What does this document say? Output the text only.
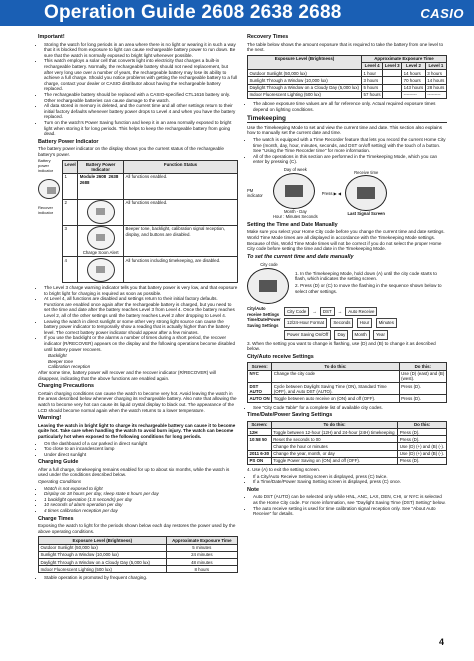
Operation Guide 2608 2638 2688	CASIO
Important!
• Storing the watch for long periods in an area where there is no light or wearing it in such a way that it is blocked from exposure to light can cause rechargeable battery power to run down. Be sure that the watch is normally exposed to bright light whenever possible.
• This watch employs a solar cell that converts light into electricity that charges a built-in rechargeable battery. Normally, the rechargeable battery should not need replacement, but after very long use over a number of years, the rechargeable battery may lose its ability to achieve a full charge. Should you notice problems with getting the rechargeable battery to a full charge, contact your dealer or CASIO distributor about having the rechargeable battery replaced.
• The rechargeable battery should be replaced with a CASIO-specified CTL1616 battery only. Other rechargeable batteries can cause damage to the watch.
• All data stored in memory is deleted, and the current time and all other settings return to their initial factory defaults whenever battery power drops to Level 4 and when you have the battery replaced.
• Turn on the watch's Power Saving function and keep it in an area normally exposed to bright light when storing it for long periods. This helps to keep the rechargeable battery from going dead.
Battery Power Indicator

The battery power indicator on the display shows you the current status of the rechargeable battery's power.

Battery power indicator
Recover indicator
Level	Battery Power Indicator	Function Status
1	Module 2608 2638  2688	All functions enabled.
2		All functions enabled.
3	Charge Soon Alert	Beeper tone, backlight, calibration signal reception, display, and buttons are disabled.
4		All functions including timekeeping, are disabled.
• The Level 3 charge warning indicator tells you that battery power is very low, and that exposure to bright light for charging is required as soon as possible.
• At Level 4, all functions are disabled and settings return to their initial factory defaults. Functions are enabled once again after the rechargeable battery is charged, but you need to set the time and date after the battery reaches Level 3 from Level 4. Once the battery reaches Level 2, all of the other settings until the battery reaches Level 2 after dropping to Level 4.
• Leaving the watch in direct sunlight or some other very strong light source can cause the battery power indicator to temporarily show a reading that is actually higher than the battery level. The correct battery power indicator should appear after a few minutes.
• If you use the backlight or the alarms a number of times during a short period, the recover indicator (R/RECOVER) appears on the display and the following operations become disabled until battery power recovers.
Backlight
Beeper tone
Calibration reception

After some time, battery power will recover and the recover indicator (R/RECOVER) will disappear, indicating that the above functions are enabled again.

Charging Precautions

Certain charging conditions can cause the watch to become very hot. Avoid leaving the watch in the areas described below whenever charging its rechargeable battery. Also note that allowing the watch to become very hot can cause its liquid crystal display to black out. The appearance of the LCD should become normal again when the watch returns to a lower temperature.

Warning!

Leaving the watch in bright light to charge its rechargeable battery can cause it to become quite hot. Take care when handling the watch to avoid burn injury. The watch can become particularly hot when exposed to the following conditions for long periods.

• On the dashboard of a car parked in direct sunlight
• Too close to an incandescent lamp
• Under direct sunlight
Charging Guide

After a full charge, timekeeping remains enabled for up to about six months, while the watch is used under the conditions described below.

Operating Conditions

• Watch is not exposed to light
• Display on 18 hours per day, sleep state 6 hours per day
• 1 backlight operation (1.5 seconds) per day
• 10 seconds of alarm operation per day
• 4 times calibration reception per day
Charge Times

Exposing the watch to light for the periods shown below each day restores the power used by the above operating conditions.

Exposure Level (Brightness)	Approximate Exposure Time
Outdoor Sunlight (50,000 lux)	5 minutes
Sunlight Through a Window (10,000 lux)	24 minutes
Daylight Through a Window on a Cloudy Day (5,000 lux)	48 minutes
Indoor Fluorescent Lighting (500 lux)	8 hours
• Stable operation is promoted by frequent charging.
Recovery Times

The table below shows the amount exposure that is required to take the battery from one level to the next.

Exposure Level (Brightness)	Approximate Exposure Time			
	Level 4	Level 3	Level 2	Level 1
Outdoor Sunlight (50,000 lux)	1 hour		14 hours	3 hours
Sunlight Through a Window (10,000 lux)	3 hours		70 hours	14 hours
Daylight Through a Window on a Cloudy Day (5,000 lux)	5 hours		143 hours	28 hours
Indoor Fluorescent Lighting (500 lux)	57 hours		---------	---------
• The above exposure time values are all for reference only. Actual required exposure times depend on lighting conditions.
Timekeeping

Use the Timekeeping Mode to set and view the current time and date. This section also explains how to manually set the current date and time.

• The watch is equipped with a Time Recorder feature that lets you record the current Home City time (month, day, hour, minutes, seconds, and DST on/off setting) with the touch of a button. See "Using the Time Recorder time" for more information.
• All of the operations in this section are performed in the Timekeeping Mode, which you can enter by pressing (C).
PM indicator
Day of week
Month - Day
Hour : Minutes Seconds
Press ▶ ◀
Receive time
Last Signal Screen
Setting the Time and Date Manually

Make sure you select your Home City code before you change the current time and date settings. World Time Mode times are all displayed in accordance with the Timekeeping Mode settings. Because of this, World Time Mode times will not be correct if you do not select the proper Home City code before setting the time and date in the Timekeeping Mode.

To set the current time and date manually
City code

1. In the Timekeeping Mode, hold down (A) until the city code starts to flash, which indicates the setting screen.

2. Press (D) or (C) to move the flashing in the sequence shown below to select other settings.

City/Auto receive Settings
City Code	→	DST	→	Auto Receive
Time/Date/Power Saving Settings
12/24-Hour Format Seconds Hour Minutes
Power Saving On/Off Day Month Year

3. When the setting you want to change is flashing, use (D) and (B) to change it as described below.

City/Auto receive Settings
Screen:	To do this:	Do this:
NYC	Change the city code	Use (D) (east) and (B) (west).
DST AUTO	Cycle between Daylight Saving Time (ON), Standard Time (OFF), and Auto DST (AUTO).	Press (D).
AUTO ON	Toggle between auto receive on (ON) and off (OFF).	Press (D).
• See "City Code Table" for a complete list of available city codes.
Time/Date/Power Saving Settings
Screen:	To do this:	Do this:
12H	Toggle between 12-hour (12H) and 24-hour (24H) timekeeping	Press (D).
10:58 50	Reset the seconds to 00	Press (D).
	Change the hour or minutes	Use (D) (+) and (B) (-).
2011 6-30	Change the year, month, or day	Use (D) (+) and (B) (-).
PS ON	Toggle Power Saving on (ON) and off (OFF).	Press (D).

4. Use (A) to exit the setting screen.

• If a City/Auto Receive Setting screen is displayed, press (C) twice.
• If a Time/Date/Power Saving Setting screen is displayed, press (C) once.
Note
• Auto DST (AUTO) can be selected only while HNL, ANC, LAX, DEN, CHI, or NYC is selected as the Home City code. For more information, see "Daylight Saving Time (DST) Setting" below.
• The auto receive setting is used for time calibration signal reception only. See "About Auto Receive" for details.
4
